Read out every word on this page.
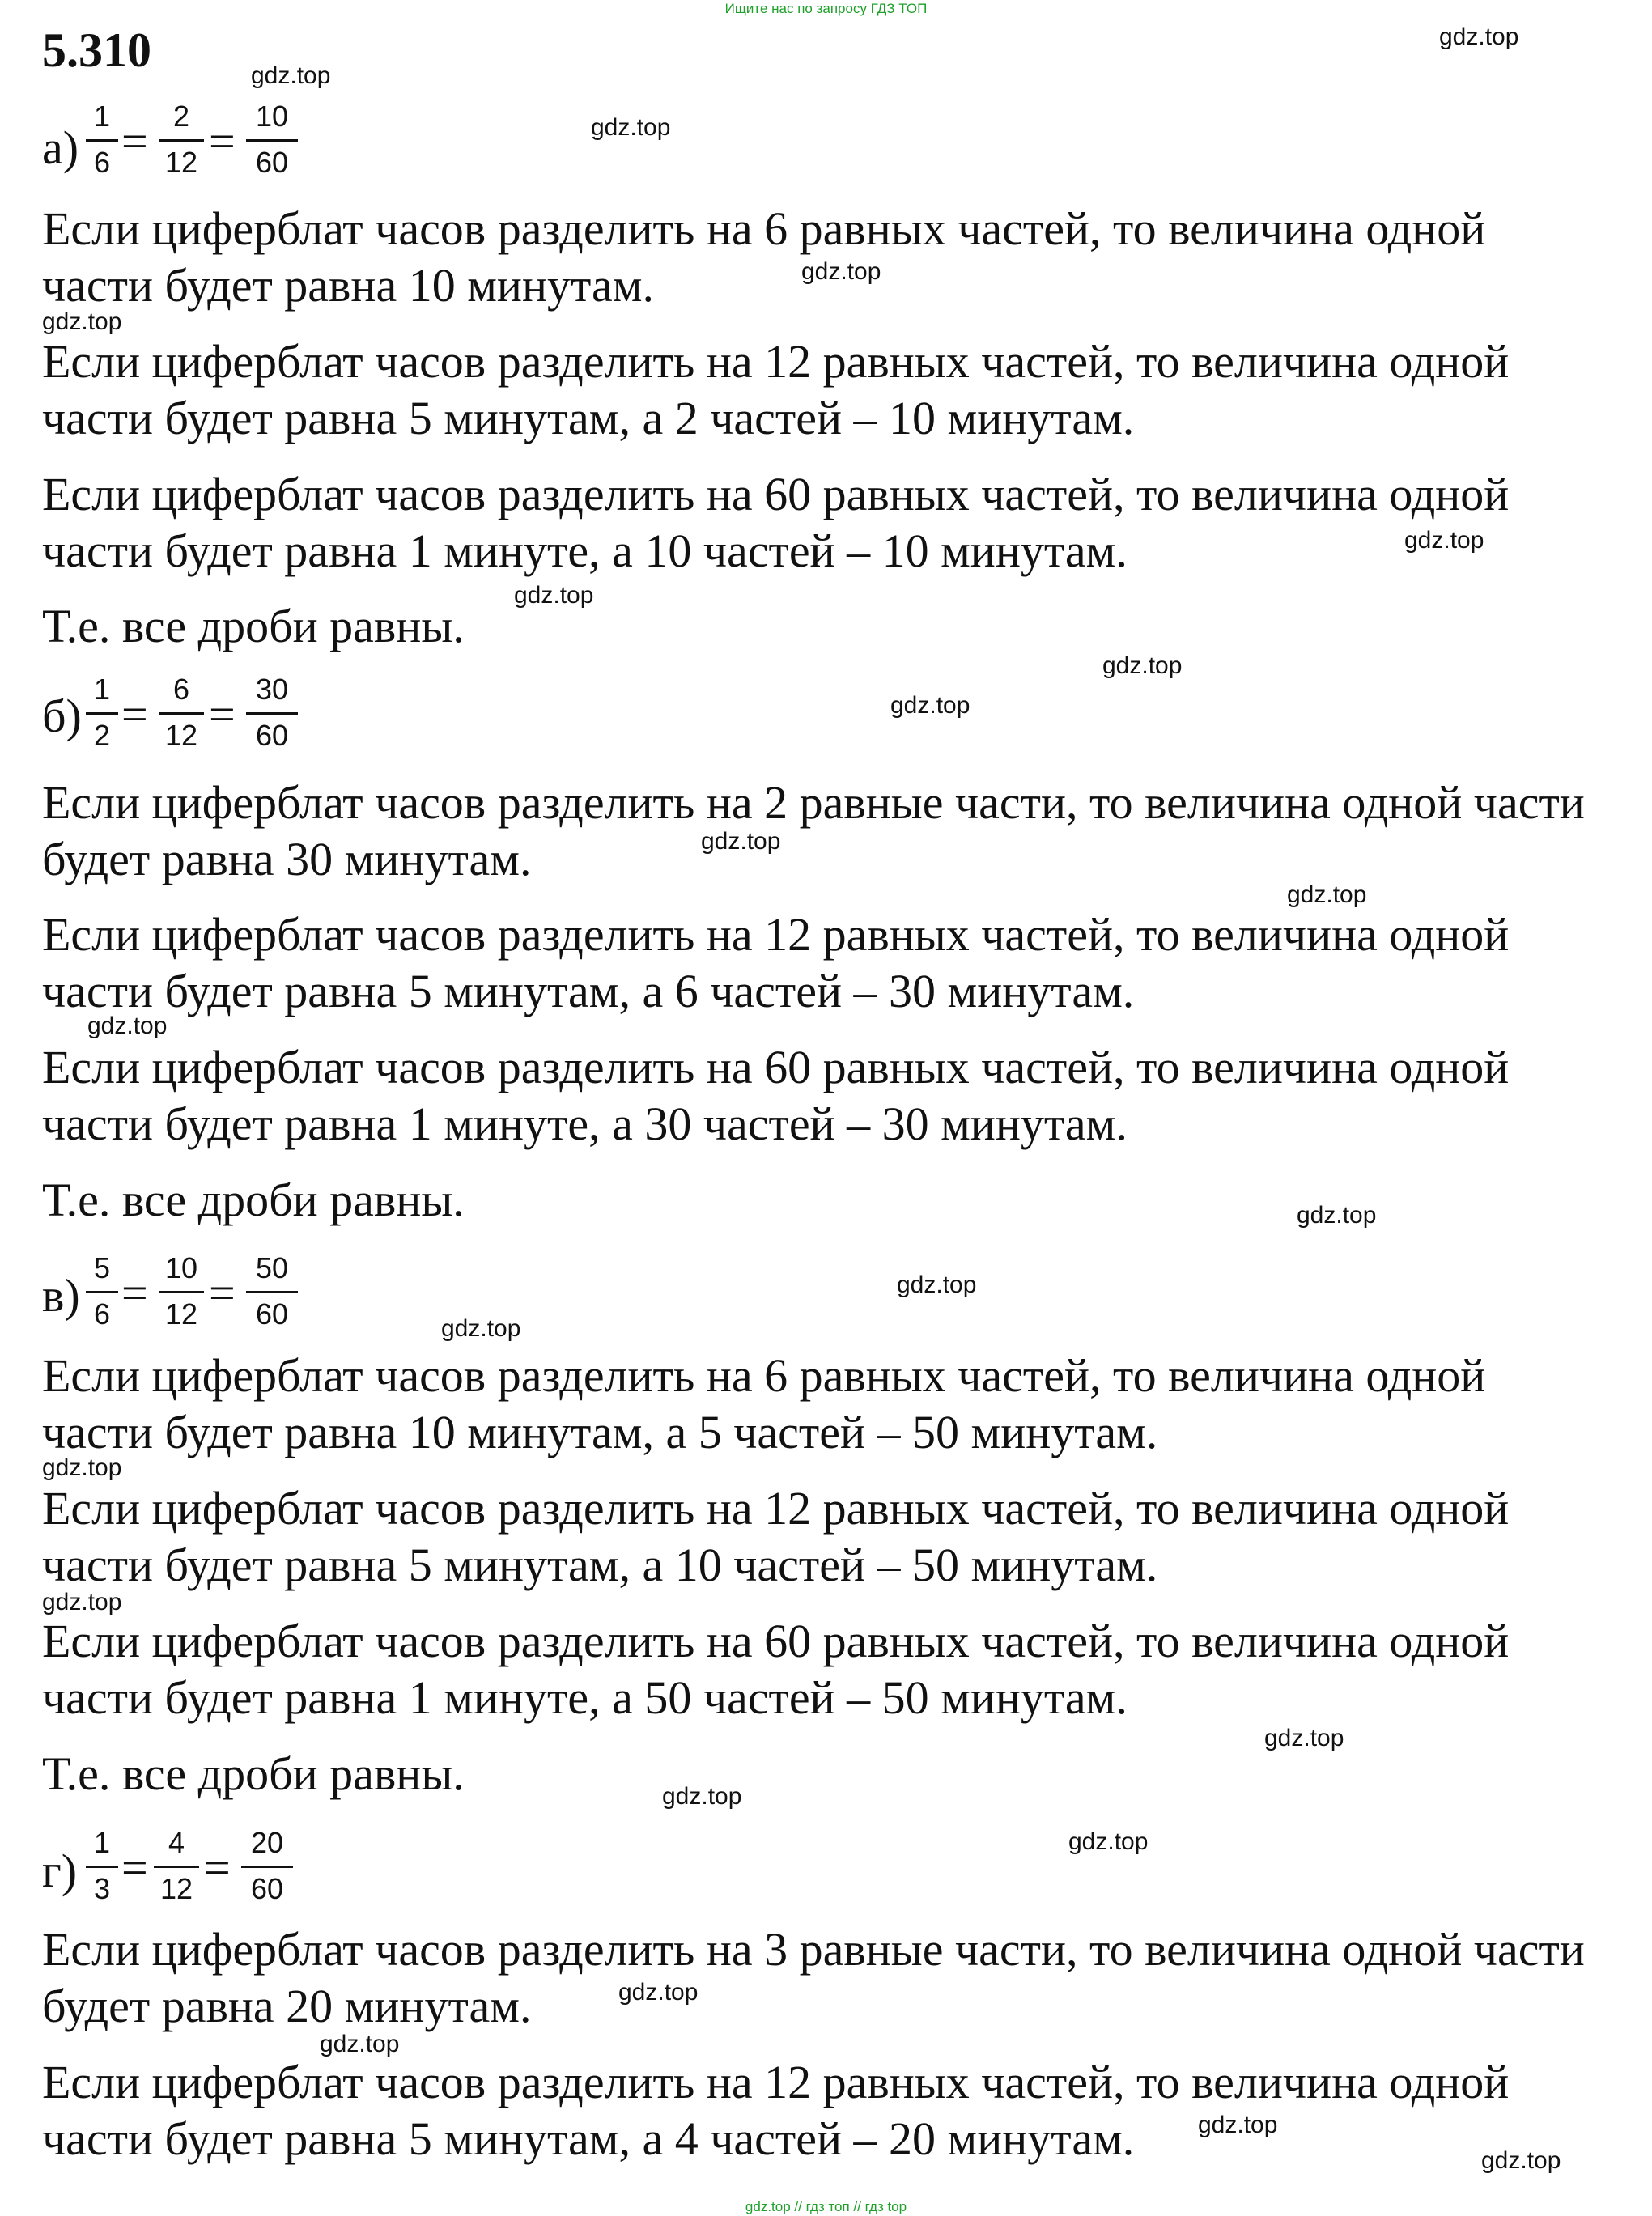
Ищите нас по запросу ГДЗ ТОП
5.310
а)
1
6 = 2
12 = 10
60
Если циферблат часов разделить на 6 равных частей, то величина одной
части будет равна 10 минутам.
Если циферблат часов разделить на 12 равных частей, то величина одной
части будет равна 5 минутам, а 2 частей – 10 минутам.
Если циферблат часов разделить на 60 равных частей, то величина одной
части будет равна 1 минуте, а 10 частей – 10 минутам.
Т.е. все дроби равны.
б)
1
2 = 6
12 = 30
60
Если циферблат часов разделить на 2 равные части, то величина одной части
будет равна 30 минутам.
Если циферблат часов разделить на 12 равных частей, то величина одной
части будет равна 5 минутам, а 6 частей – 30 минутам.
Если циферблат часов разделить на 60 равных частей, то величина одной
части будет равна 1 минуте, а 30 частей – 30 минутам.
Т.е. все дроби равны.
в)
5
6 = 10
12 = 50
60
Если циферблат часов разделить на 6 равных частей, то величина одной
части будет равна 10 минутам, а 5 частей – 50 минутам.
Если циферблат часов разделить на 12 равных частей, то величина одной
части будет равна 5 минутам, а 10 частей – 50 минутам.
Если циферблат часов разделить на 60 равных частей, то величина одной
части будет равна 1 минуте, а 50 частей – 50 минутам.
Т.е. все дроби равны.
г)
1
3 = 4
12 = 20
60
Если циферблат часов разделить на 3 равные части, то величина одной части
будет равна 20 минутам.
Если циферблат часов разделить на 12 равных частей, то величина одной
части будет равна 5 минутам, а 4 частей – 20 минутам.
gdz.top
gdz.top
gdz.top
gdz.top
gdz.top
gdz.top
gdz.top
gdz.top
gdz.top
gdz.top
gdz.top
gdz.top
gdz.top
gdz.top
gdz.top
gdz.top
gdz.top
gdz.top
gdz.top
gdz.top
gdz.top
gdz.top
gdz.top
gdz.top
gdz.top // гдз топ // гдз top
